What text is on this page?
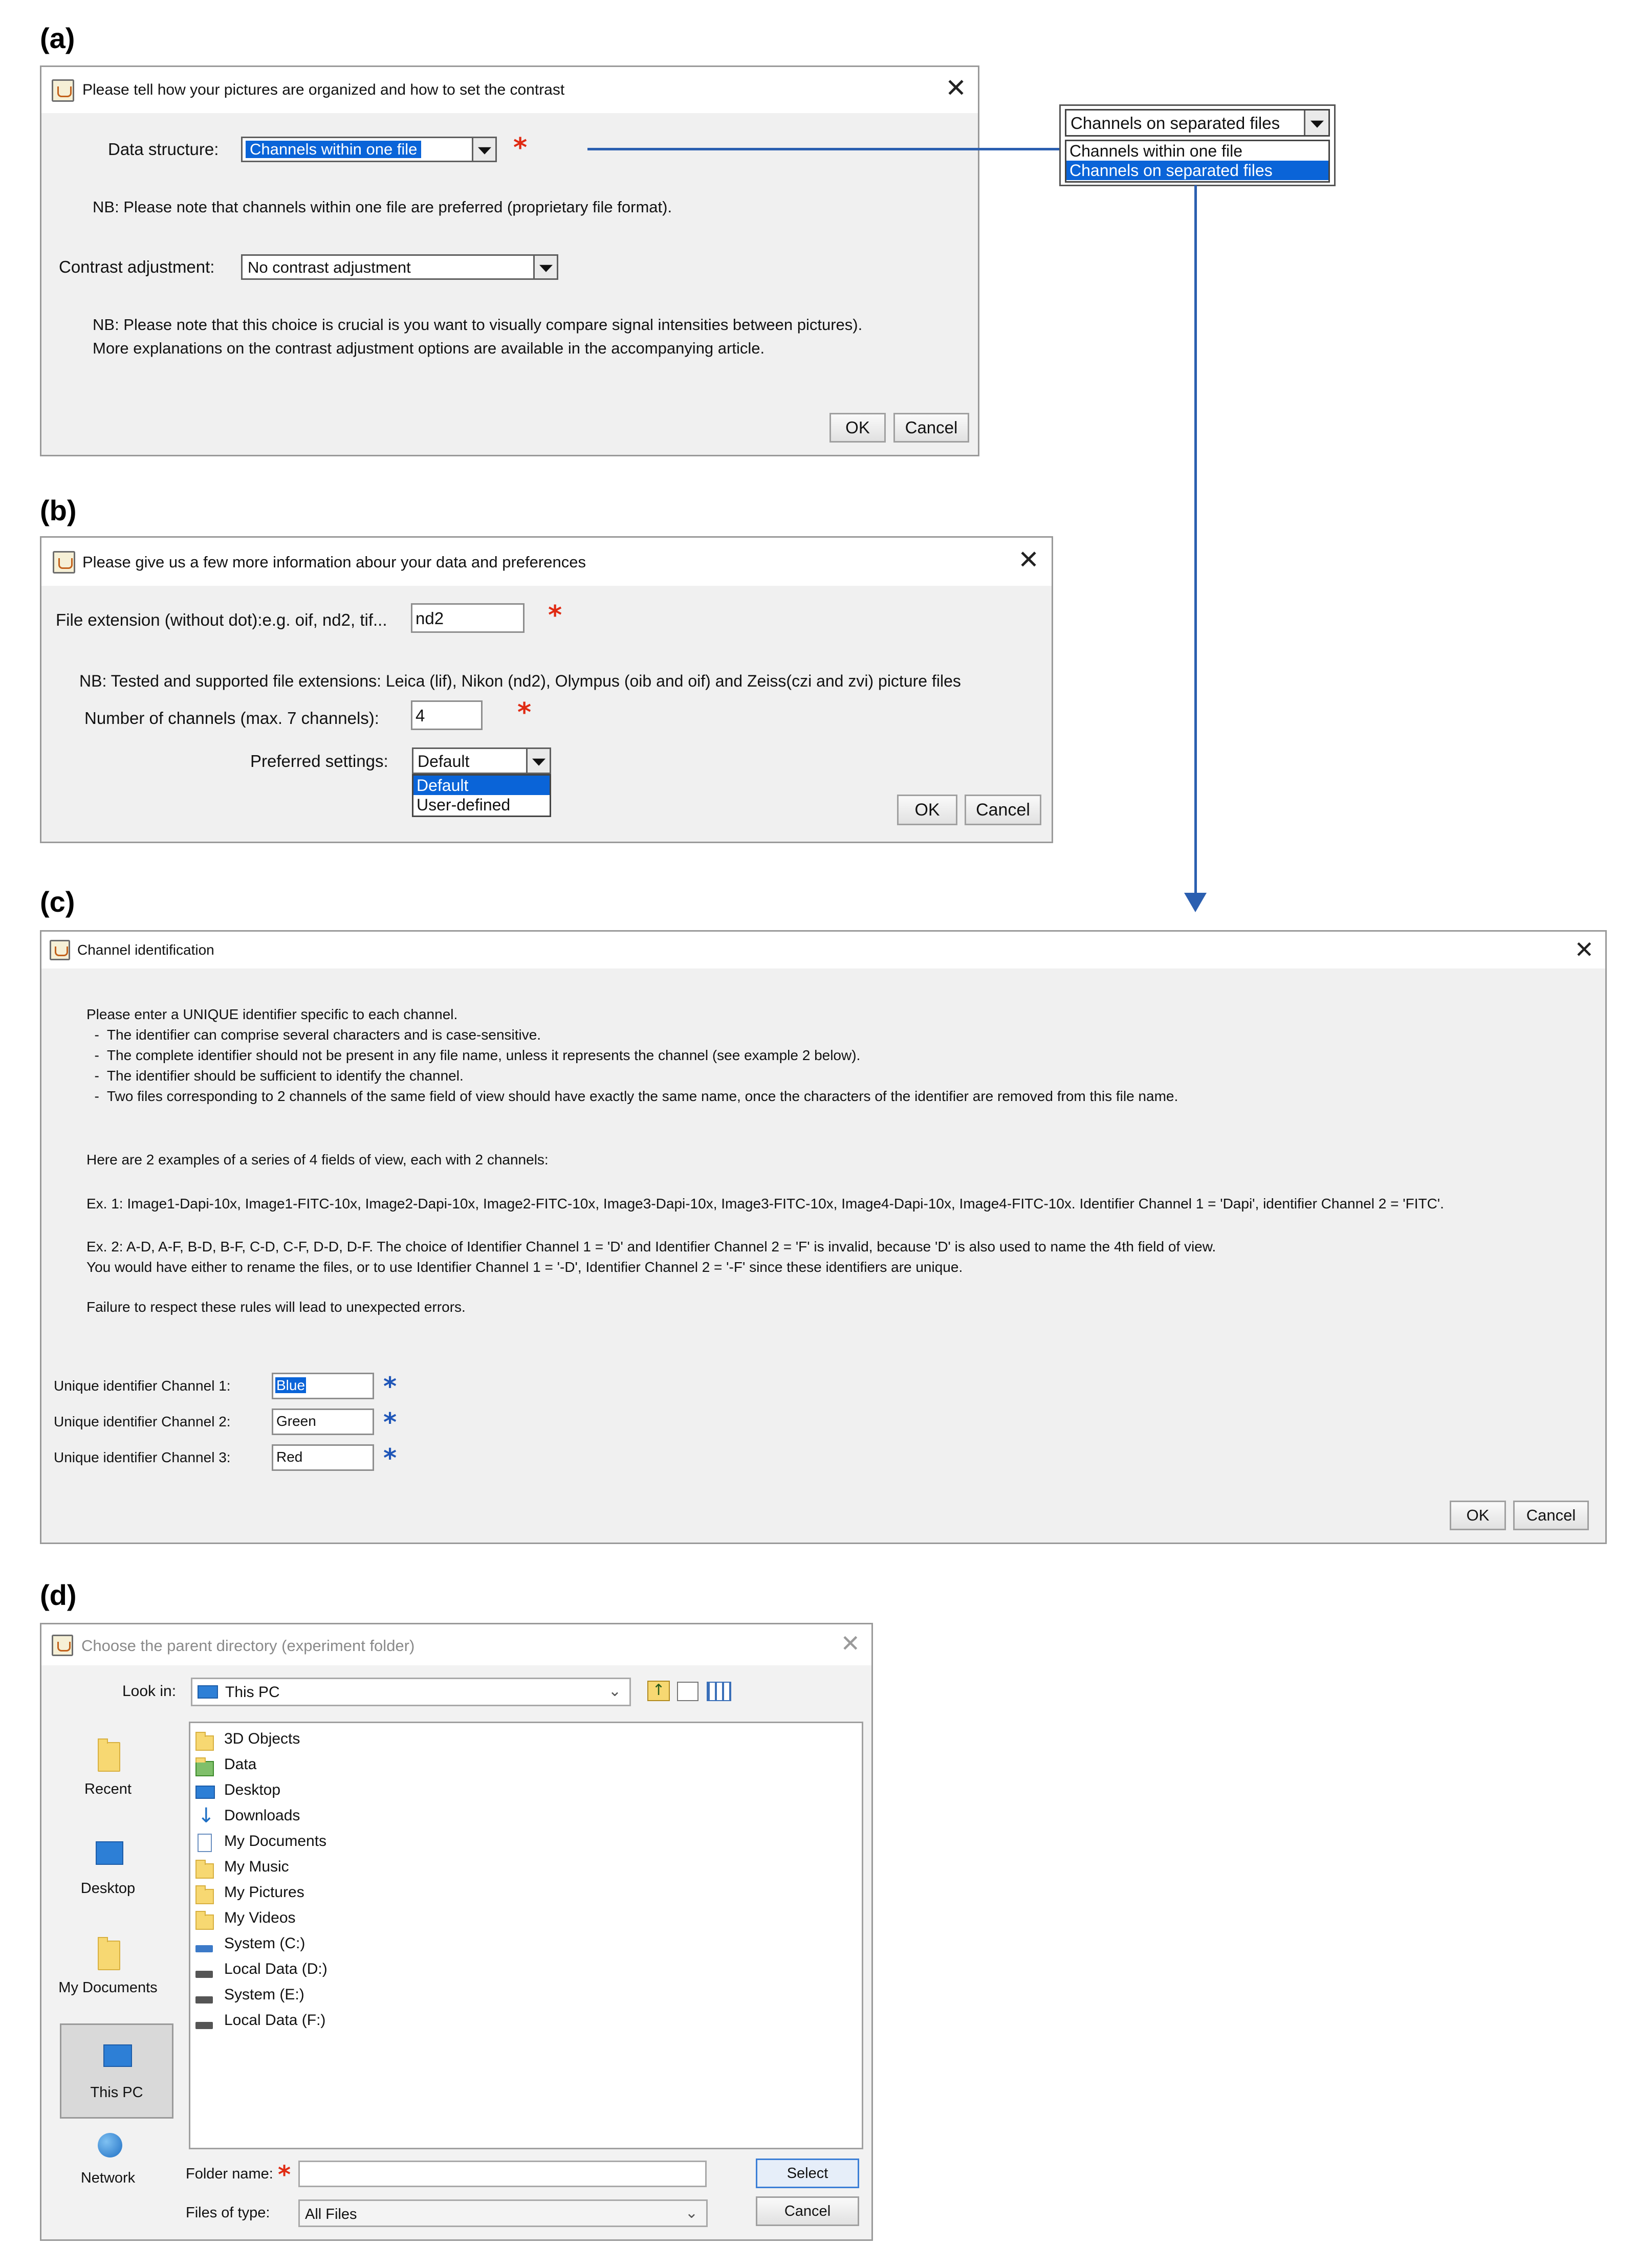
(a)
(b)
(c)
(d)
Please tell how your pictures are organized and how to set the contrast	✕
Data structure: Channels within one file	*
NB: Please note that channels within one file are preferred (proprietary file format).
Contrast adjustment: No contrast adjustment
NB: Please note that this choice is crucial is you want to visually compare signal intensities between pictures).
More explanations on the contrast adjustment options are available in the accompanying article.
OK	Cancel
Channels on separated files
Channels within one file
Channels on separated files
Please give us a few more information abour your data and preferences	✕
File extension (without dot):e.g. oif, nd2, tif... nd2	*
NB: Tested and supported file extensions: Leica (lif), Nikon (nd2), Olympus (oib and oif) and Zeiss(czi and zvi) picture files
Number of channels (max. 7 channels): 4	*
Preferred settings: Default
Default
User-defined	OK	Cancel
Channel identification	✕
Please enter a UNIQUE identifier specific to each channel.
-  The identifier can comprise several characters and is case-sensitive.
-  The complete identifier should not be present in any file name, unless it represents the channel (see example 2 below).
-  The identifier should be sufficient to identify the channel.
-  Two files corresponding to 2 channels of the same field of view should have exactly the same name, once the characters of the identifier are removed from this file name.
Here are 2 examples of a series of 4 fields of view, each with 2 channels:
Ex. 1: Image1-Dapi-10x, Image1-FITC-10x, Image2-Dapi-10x, Image2-FITC-10x, Image3-Dapi-10x, Image3-FITC-10x, Image4-Dapi-10x, Image4-FITC-10x. Identifier Channel 1 = 'Dapi', identifier Channel 2 = 'FITC'.
Ex. 2: A-D, A-F, B-D, B-F, C-D, C-F, D-D, D-F. The choice of Identifier Channel 1 = 'D' and Identifier Channel 2 = 'F' is invalid, because 'D' is also used to name the 4th field of view.
You would have either to rename the files, or to use Identifier Channel 1 = '-D', Identifier Channel 2 = '-F' since these identifiers are unique.
Failure to respect these rules will lead to unexpected errors.
Unique identifier Channel 1:	Blue	*
Unique identifier Channel 2:	Green	*
Unique identifier Channel 3:	Red	*
OK	Cancel
Choose the parent directory (experiment folder)	✕
Look in:	This PC	⌄	↑
Recent
Desktop
My Documents
This PC
Network
3D Objects
Data
Desktop
↓ Downloads
My Documents
My Music
My Pictures
My Videos
System (C:)
Local Data (D:)
System (E:)
Local Data (F:)
Folder name: *	Select
Files of type: All Files	⌄	Cancel
